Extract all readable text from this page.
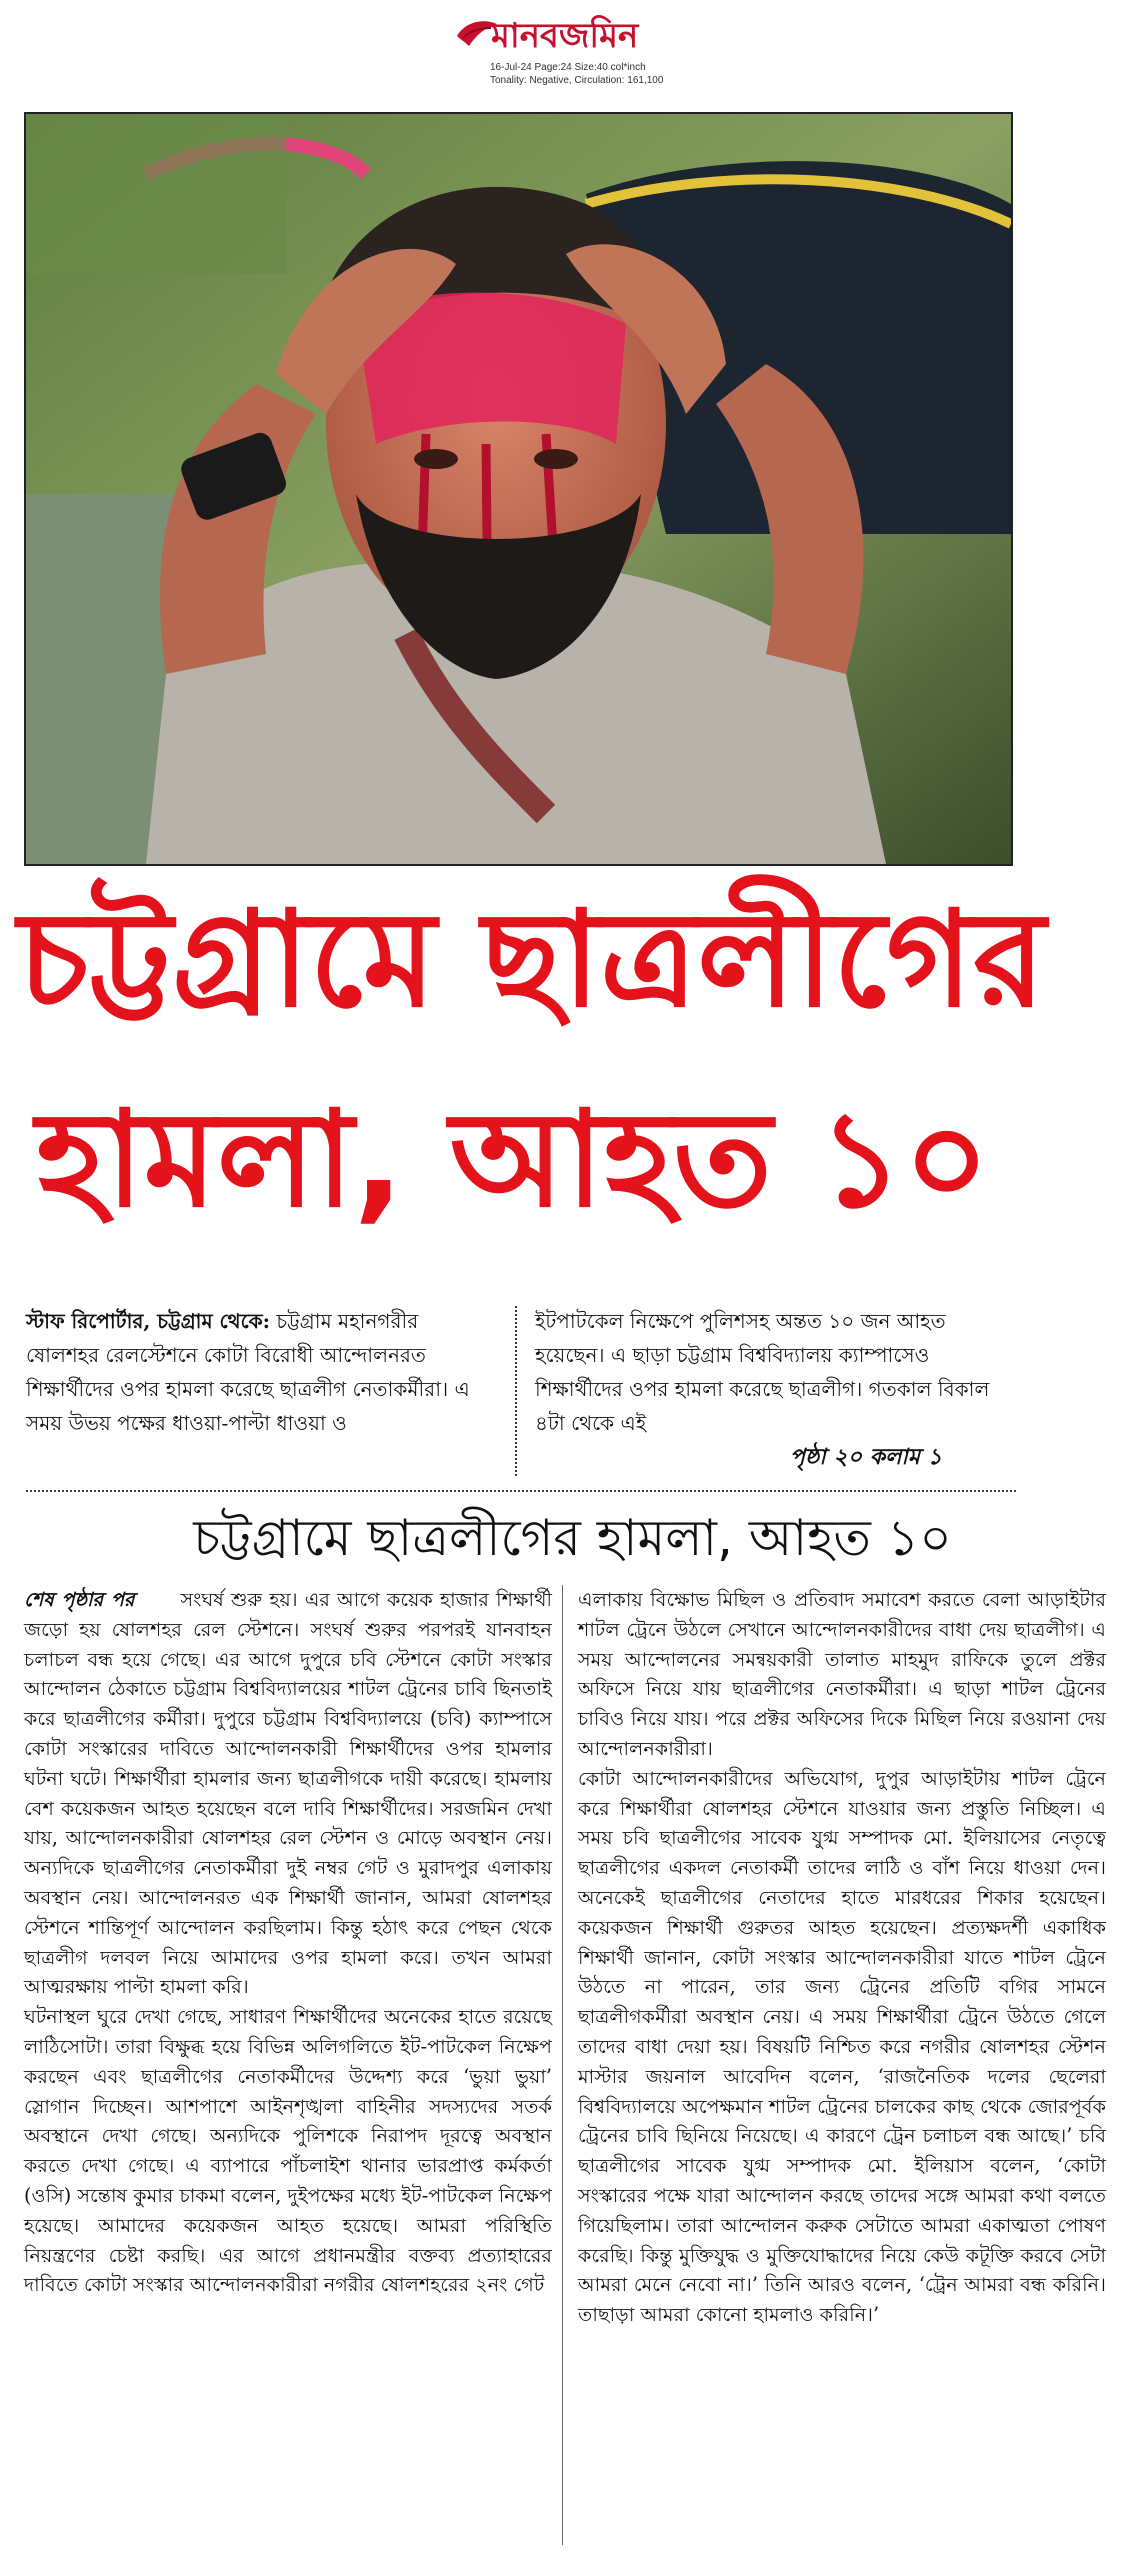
মানবজমিন
16-Jul-24 Page:24 Size:40 col*inch
Tonality: Negative, Circulation: 161,100
চট্টগ্রামে ছাত্রলীগের
হামলা, আহত ১০
স্টাফ রিপোর্টার, চট্টগ্রাম থেকে: চট্টগ্রাম মহানগরীর ষোলশহর রেলস্টেশনে কোটা বিরোধী আন্দোলনরত শিক্ষার্থীদের ওপর হামলা করেছে ছাত্রলীগ নেতাকর্মীরা। এ সময় উভয় পক্ষের ধাওয়া-পাল্টা ধাওয়া ও
ইটপাটকেল নিক্ষেপে পুলিশসহ অন্তত ১০ জন আহত হয়েছেন। এ ছাড়া চট্টগ্রাম বিশ্ববিদ্যালয় ক্যাম্পাসেও শিক্ষার্থীদের ওপর হামলা করেছে ছাত্রলীগ। গতকাল বিকাল ৪টা থেকে এই
পৃষ্ঠা ২০ কলাম ১
চট্টগ্রামে ছাত্রলীগের হামলা, আহত ১০

শেষ পৃষ্ঠার পর সংঘর্ষ শুরু হয়। এর আগে কয়েক হাজার শিক্ষার্থী জড়ো হয় ষোলশহর রেল স্টেশনে। সংঘর্ষ শুরুর পরপরই যানবাহন চলাচল বন্ধ হয়ে গেছে। এর আগে দুপুরে চবি স্টেশনে কোটা সংস্কার আন্দোলন ঠেকাতে চট্টগ্রাম বিশ্ববিদ্যালয়ের শাটল ট্রেনের চাবি ছিনতাই করে ছাত্রলীগের কর্মীরা। দুপুরে চট্টগ্রাম বিশ্ববিদ্যালয়ে (চবি) ক্যাম্পাসে কোটা সংস্কারের দাবিতে আন্দোলনকারী শিক্ষার্থীদের ওপর হামলার ঘটনা ঘটে। শিক্ষার্থীরা হামলার জন্য ছাত্রলীগকে দায়ী করেছে। হামলায় বেশ কয়েকজন আহত হয়েছেন বলে দাবি শিক্ষার্থীদের। সরজমিন দেখা যায়, আন্দোলনকারীরা ষোলশহর রেল স্টেশন ও মোড়ে অবস্থান নেয়। অন্যদিকে ছাত্রলীগের নেতাকর্মীরা দুই নম্বর গেট ও মুরাদপুর এলাকায় অবস্থান নেয়। আন্দোলনরত এক শিক্ষার্থী জানান, আমরা ষোলশহর স্টেশনে শান্তিপূর্ণ আন্দোলন করছিলাম। কিন্তু হঠাৎ করে পেছন থেকে ছাত্রলীগ দলবল নিয়ে আমাদের ওপর হামলা করে। তখন আমরা আত্মরক্ষায় পাল্টা হামলা করি।

ঘটনাস্থল ঘুরে দেখা গেছে, সাধারণ শিক্ষার্থীদের অনেকের হাতে রয়েছে লাঠিসোটা। তারা বিক্ষুব্ধ হয়ে বিভিন্ন অলিগলিতে ইট-পাটকেল নিক্ষেপ করছেন এবং ছাত্রলীগের নেতাকর্মীদের উদ্দেশ্য করে ‘ভুয়া ভুয়া’ স্লোগান দিচ্ছেন। আশপাশে আইনশৃঙ্খলা বাহিনীর সদস্যদের সতর্ক অবস্থানে দেখা গেছে। অন্যদিকে পুলিশকে নিরাপদ দূরত্বে অবস্থান করতে দেখা গেছে। এ ব্যাপারে পাঁচলাইশ থানার ভারপ্রাপ্ত কর্মকর্তা (ওসি) সন্তোষ কুমার চাকমা বলেন, দুইপক্ষের মধ্যে ইট-পাটকেল নিক্ষেপ হয়েছে। আমাদের কয়েকজন আহত হয়েছে। আমরা পরিস্থিতি নিয়ন্ত্রণের চেষ্টা করছি। এর আগে প্রধানমন্ত্রীর বক্তব্য প্রত্যাহারের দাবিতে কোটা সংস্কার আন্দোলনকারীরা নগরীর ষোলশহরের ২নং গেট

এলাকায় বিক্ষোভ মিছিল ও প্রতিবাদ সমাবেশ করতে বেলা আড়াইটার শাটল ট্রেনে উঠলে সেখানে আন্দোলনকারীদের বাধা দেয় ছাত্রলীগ। এ সময় আন্দোলনের সমন্বয়কারী তালাত মাহমুদ রাফিকে তুলে প্রক্টর অফিসে নিয়ে যায় ছাত্রলীগের নেতাকর্মীরা। এ ছাড়া শাটল ট্রেনের চাবিও নিয়ে যায়। পরে প্রক্টর অফিসের দিকে মিছিল নিয়ে রওয়ানা দেয় আন্দোলনকারীরা।

কোটা আন্দোলনকারীদের অভিযোগ, দুপুর আড়াইটায় শাটল ট্রেনে করে শিক্ষার্থীরা ষোলশহর স্টেশনে যাওয়ার জন্য প্রস্তুতি নিচ্ছিল। এ সময় চবি ছাত্রলীগের সাবেক যুগ্ম সম্পাদক মো. ইলিয়াসের নেতৃত্বে ছাত্রলীগের একদল নেতাকর্মী তাদের লাঠি ও বাঁশ নিয়ে ধাওয়া দেন। অনেকেই ছাত্রলীগের নেতাদের হাতে মারধরের শিকার হয়েছেন। কয়েকজন শিক্ষার্থী গুরুতর আহত হয়েছেন। প্রত্যক্ষদর্শী একাধিক শিক্ষার্থী জানান, কোটা সংস্কার আন্দোলনকারীরা যাতে শাটল ট্রেনে উঠতে না পারেন, তার জন্য ট্রেনের প্রতিটি বগির সামনে ছাত্রলীগকর্মীরা অবস্থান নেয়। এ সময় শিক্ষার্থীরা ট্রেনে উঠতে গেলে তাদের বাধা দেয়া হয়। বিষয়টি নিশ্চিত করে নগরীর ষোলশহর স্টেশন মাস্টার জয়নাল আবেদিন বলেন, ‘রাজনৈতিক দলের ছেলেরা বিশ্ববিদ্যালয়ে অপেক্ষমান শাটল ট্রেনের চালকের কাছ থেকে জোরপূর্বক ট্রেনের চাবি ছিনিয়ে নিয়েছে। এ কারণে ট্রেন চলাচল বন্ধ আছে।’ চবি ছাত্রলীগের সাবেক যুগ্ম সম্পাদক মো. ইলিয়াস বলেন, ‘কোটা সংস্কারের পক্ষে যারা আন্দোলন করছে তাদের সঙ্গে আমরা কথা বলতে গিয়েছিলাম। তারা আন্দোলন করুক সেটাতে আমরা একাত্মতা পোষণ করেছি। কিন্তু মুক্তিযুদ্ধ ও মুক্তিযোদ্ধাদের নিয়ে কেউ কটূক্তি করবে সেটা আমরা মেনে নেবো না।’ তিনি আরও বলেন, ‘ট্রেন আমরা বন্ধ করিনি। তাছাড়া আমরা কোনো হামলাও করিনি।’
